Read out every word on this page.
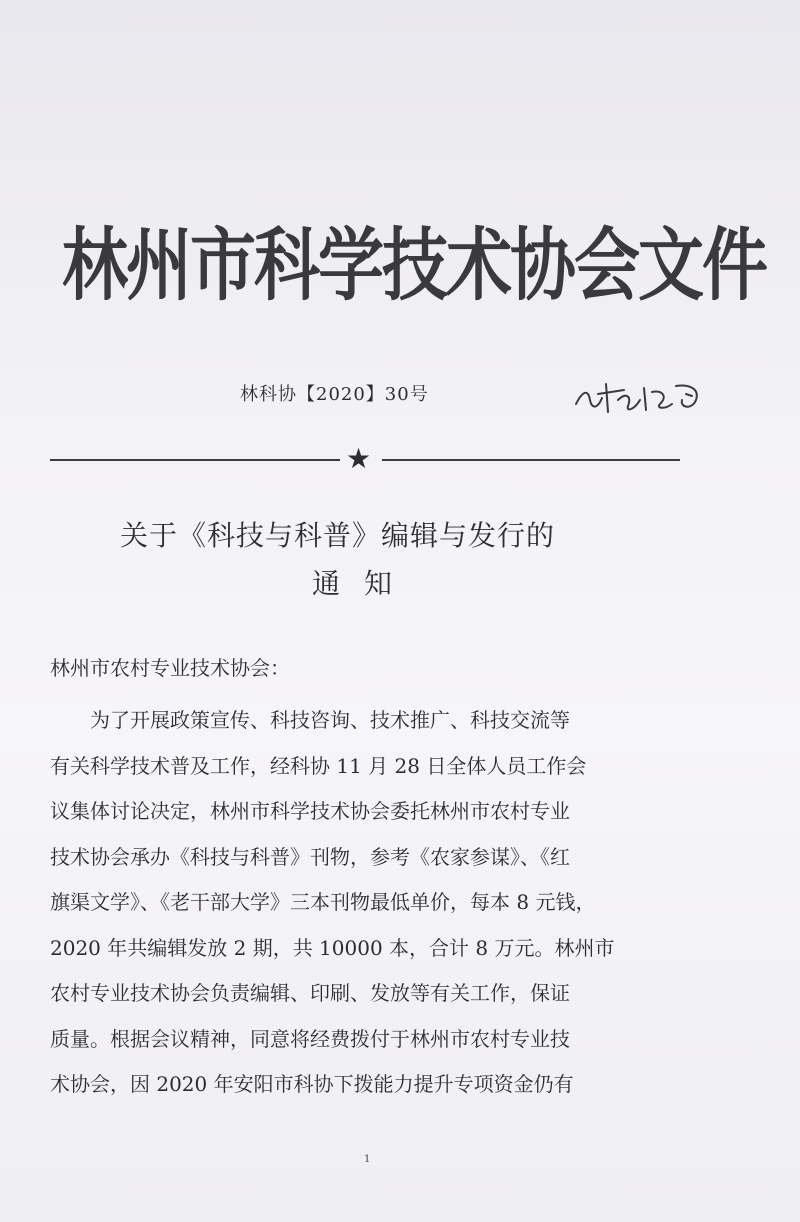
林州市科学技术协会文件
林科协【2020】30号
★
关于《科技与科普》编辑与发行的
通知
林州市农村专业技术协会：
为了开展政策宣传、科技咨询、技术推广、科技交流等
有关科学技术普及工作，经科协 11 月 28 日全体人员工作会
议集体讨论决定，林州市科学技术协会委托林州市农村专业
技术协会承办《科技与科普》刊物，参考《农家参谋》、《红
旗渠文学》、《老干部大学》三本刊物最低单价，每本 8 元钱，
2020 年共编辑发放 2 期，共 10000 本，合计 8 万元。林州市
农村专业技术协会负责编辑、印刷、发放等有关工作，保证
质量。根据会议精神，同意将经费拨付于林州市农村专业技
术协会，因 2020 年安阳市科协下拨能力提升专项资金仍有
1
